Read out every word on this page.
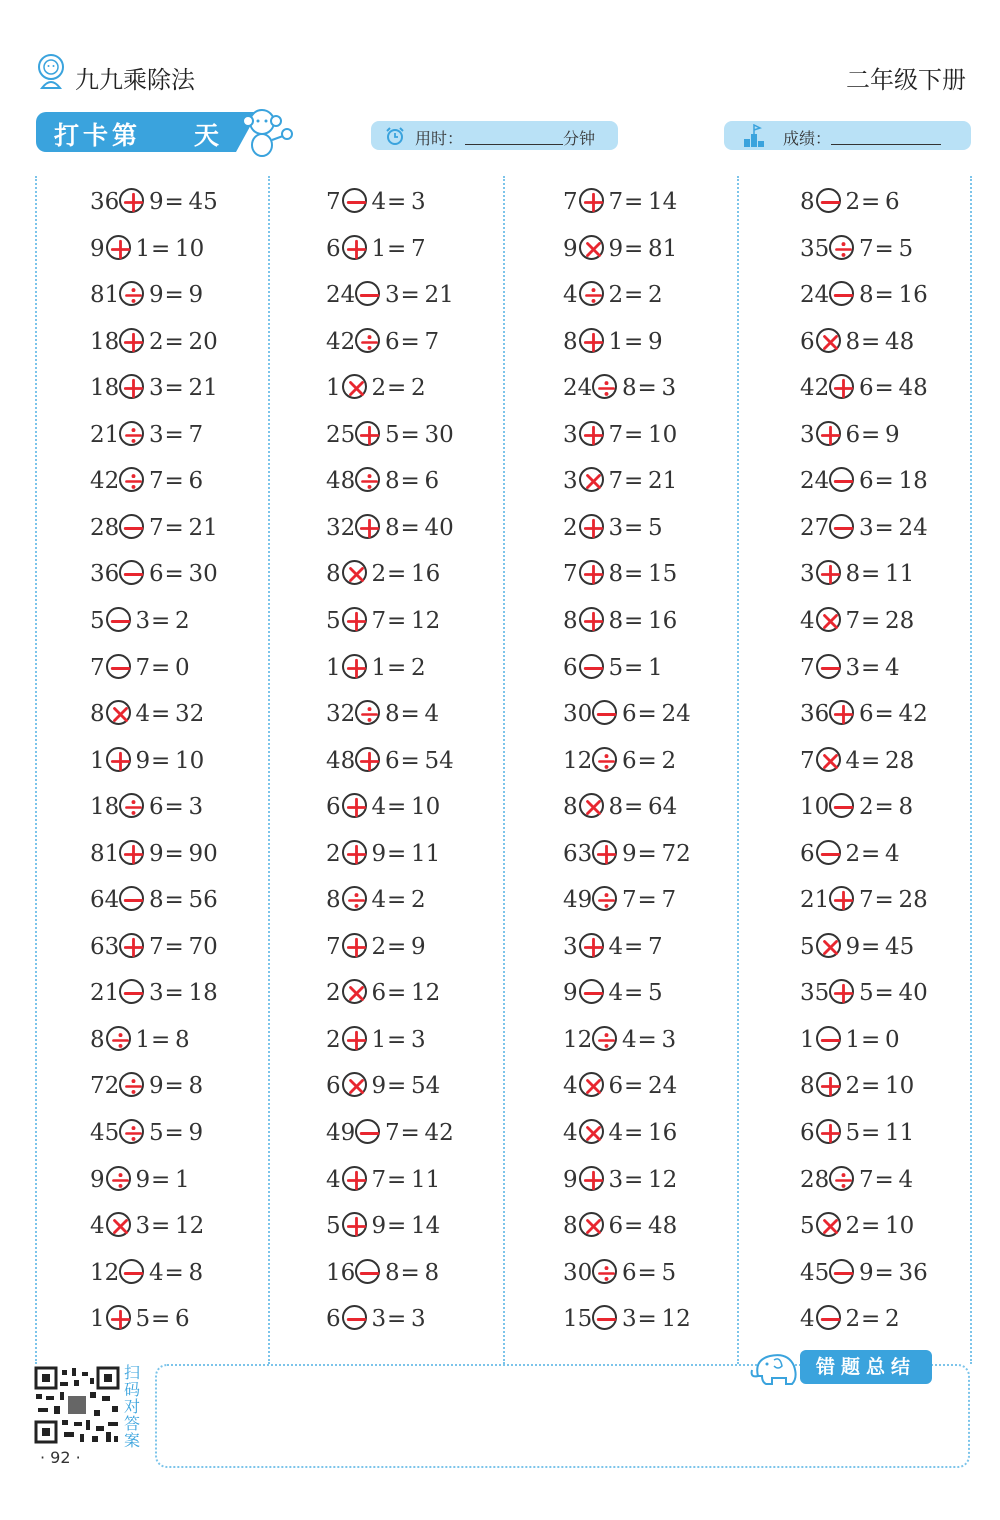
九九乘除法	二年级下册
打卡第 天	用时：	分钟	成绩：
36 9 = 45
9 1 = 10
81 9 = 9
18 2 = 20
18 3 = 21
21 3 = 7
42 7 = 6
28 7 = 21
36 6 = 30
5 3 = 2
7 7 = 0
8 4 = 32
1 9 = 10
18 6 = 3
81 9 = 90
64 8 = 56
63 7 = 70
21 3 = 18
8 1 = 8
72 9 = 8
45 5 = 9
9 9 = 1
4 3 = 12
12 4 = 8
1 5 = 6
7 4 = 3
6 1 = 7
24 3 = 21
42 6 = 7
1 2 = 2
25 5 = 30
48 8 = 6
32 8 = 40
8 2 = 16
5 7 = 12
1 1 = 2
32 8 = 4
48 6 = 54
6 4 = 10
2 9 = 11
8 4 = 2
7 2 = 9
2 6 = 12
2 1 = 3
6 9 = 54
49 7 = 42
4 7 = 11
5 9 = 14
16 8 = 8
6 3 = 3
7 7 = 14
9 9 = 81
4 2 = 2
8 1 = 9
24 8 = 3
3 7 = 10
3 7 = 21
2 3 = 5
7 8 = 15
8 8 = 16
6 5 = 1
30 6 = 24
12 6 = 2
8 8 = 64
63 9 = 72
49 7 = 7
3 4 = 7
9 4 = 5
12 4 = 3
4 6 = 24
4 4 = 16
9 3 = 12
8 6 = 48
30 6 = 5
15 3 = 12
8 2 = 6
35 7 = 5
24 8 = 16
6 8 = 48
42 6 = 48
3 6 = 9
24 6 = 18
27 3 = 24
3 8 = 11
4 7 = 28
7 3 = 4
36 6 = 42
7 4 = 28
10 2 = 8
6 2 = 4
21 7 = 28
5 9 = 45
35 5 = 40
1 1 = 0
8 2 = 10
6 5 = 11
28 7 = 4
5 2 = 10
45 9 = 36
4 2 = 2
扫码对答案
· 92 ·
错题总结
